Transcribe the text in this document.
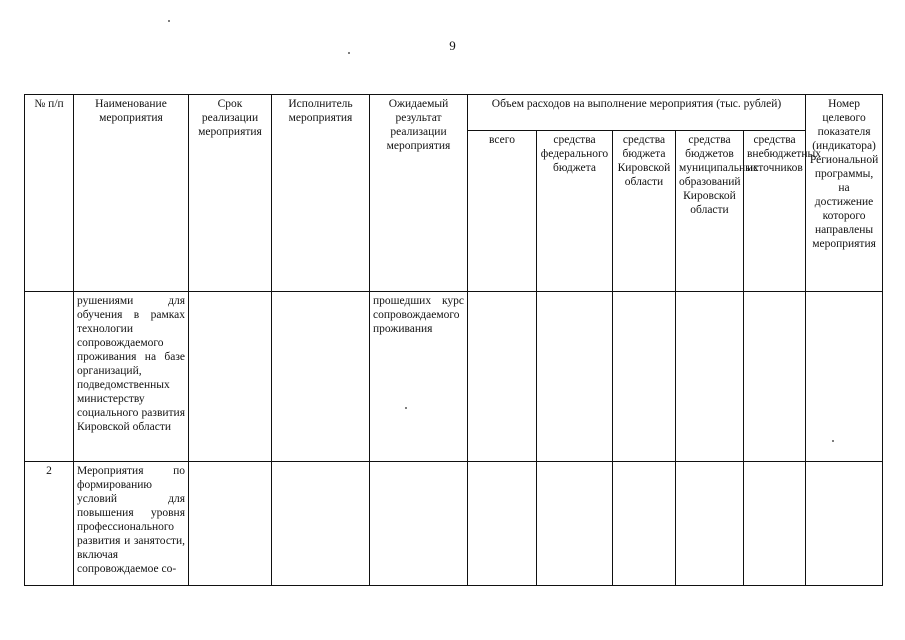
9
№ п/п	Наименование мероприятия	Срок реализации мероприятия	Исполнитель мероприятия	Ожидаемый результат реализации мероприятия	Объем расходов на выполнение мероприятия (тыс. рублей)					Номер целевого показателя (индикатора) Региональной программы, на достижение которого направлены мероприятия
					всего	средства федерального бюджета	средства бюджета Кировской области	средства бюджетов муниципальных образований Кировской области	средства внебюджетных источников	
	рушениями для обучения в рамках технологии сопровождаемого проживания на базе организаций, подведомственных министерству социального развития Кировской области			прошедших курс сопровождаемого проживания						
2	Мероприятия по формированию условий для повышения уровня профессионального развития и занятости, включая сопровождаемое со-									
